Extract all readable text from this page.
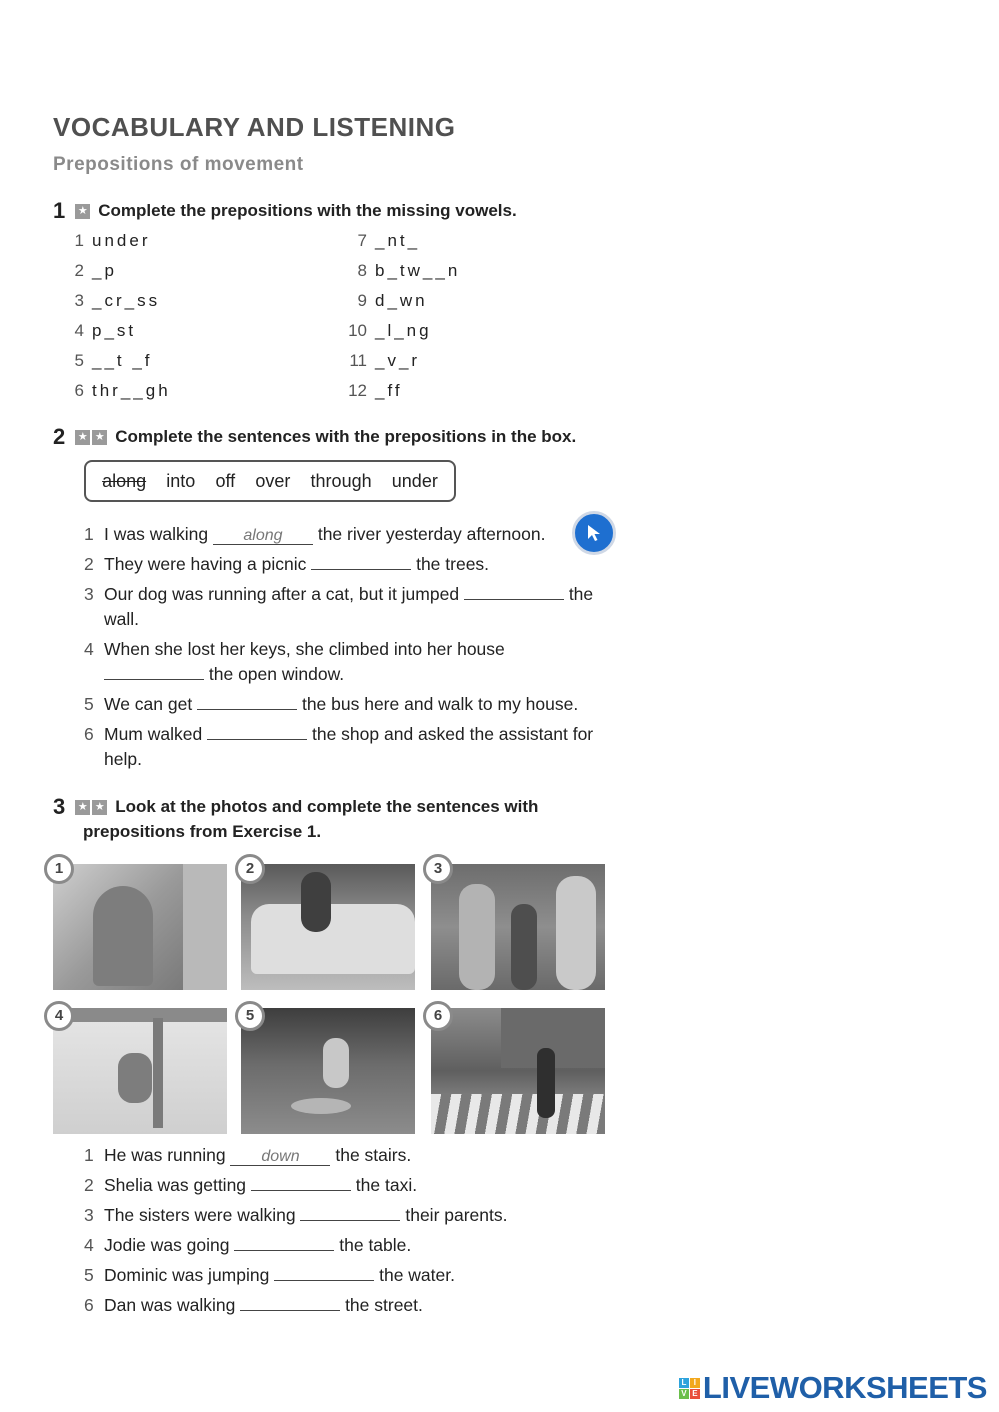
VOCABULARY AND LISTENING
Prepositions of movement
1 ★ Complete the prepositions with the missing vowels.
1 under
2 _p
3 _cr_ss
4 p_st
5 __t _f
6 thr__gh
7 _nt_
8 b_tw__n
9 d_wn
10 _l_ng
11 _v_r
12 _ff
2 ★ ★ Complete the sentences with the prepositions in the box.
along into off over through under
1 I was walking along the river yesterday afternoon.
2 They were having a picnic	the trees.
3 Our dog was running after a cat, but it jumped	the wall.
4 When she lost her keys, she climbed into her house  the open window.
5 We can get	the bus here and walk to my house.
6 Mum walked	the shop and asked the assistant for help.
3 ★ ★ Look at the photos and complete the sentences with
prepositions from Exercise 1.
1	2	3
4	5	6
1 He was running down the stairs.
2 Shelia was getting	the taxi.
3 The sisters were walking	their parents.
4 Jodie was going	the table.
5 Dominic was jumping	the water.
6 Dan was walking	the street.
L I
V E LIVEWORKSHEETS
